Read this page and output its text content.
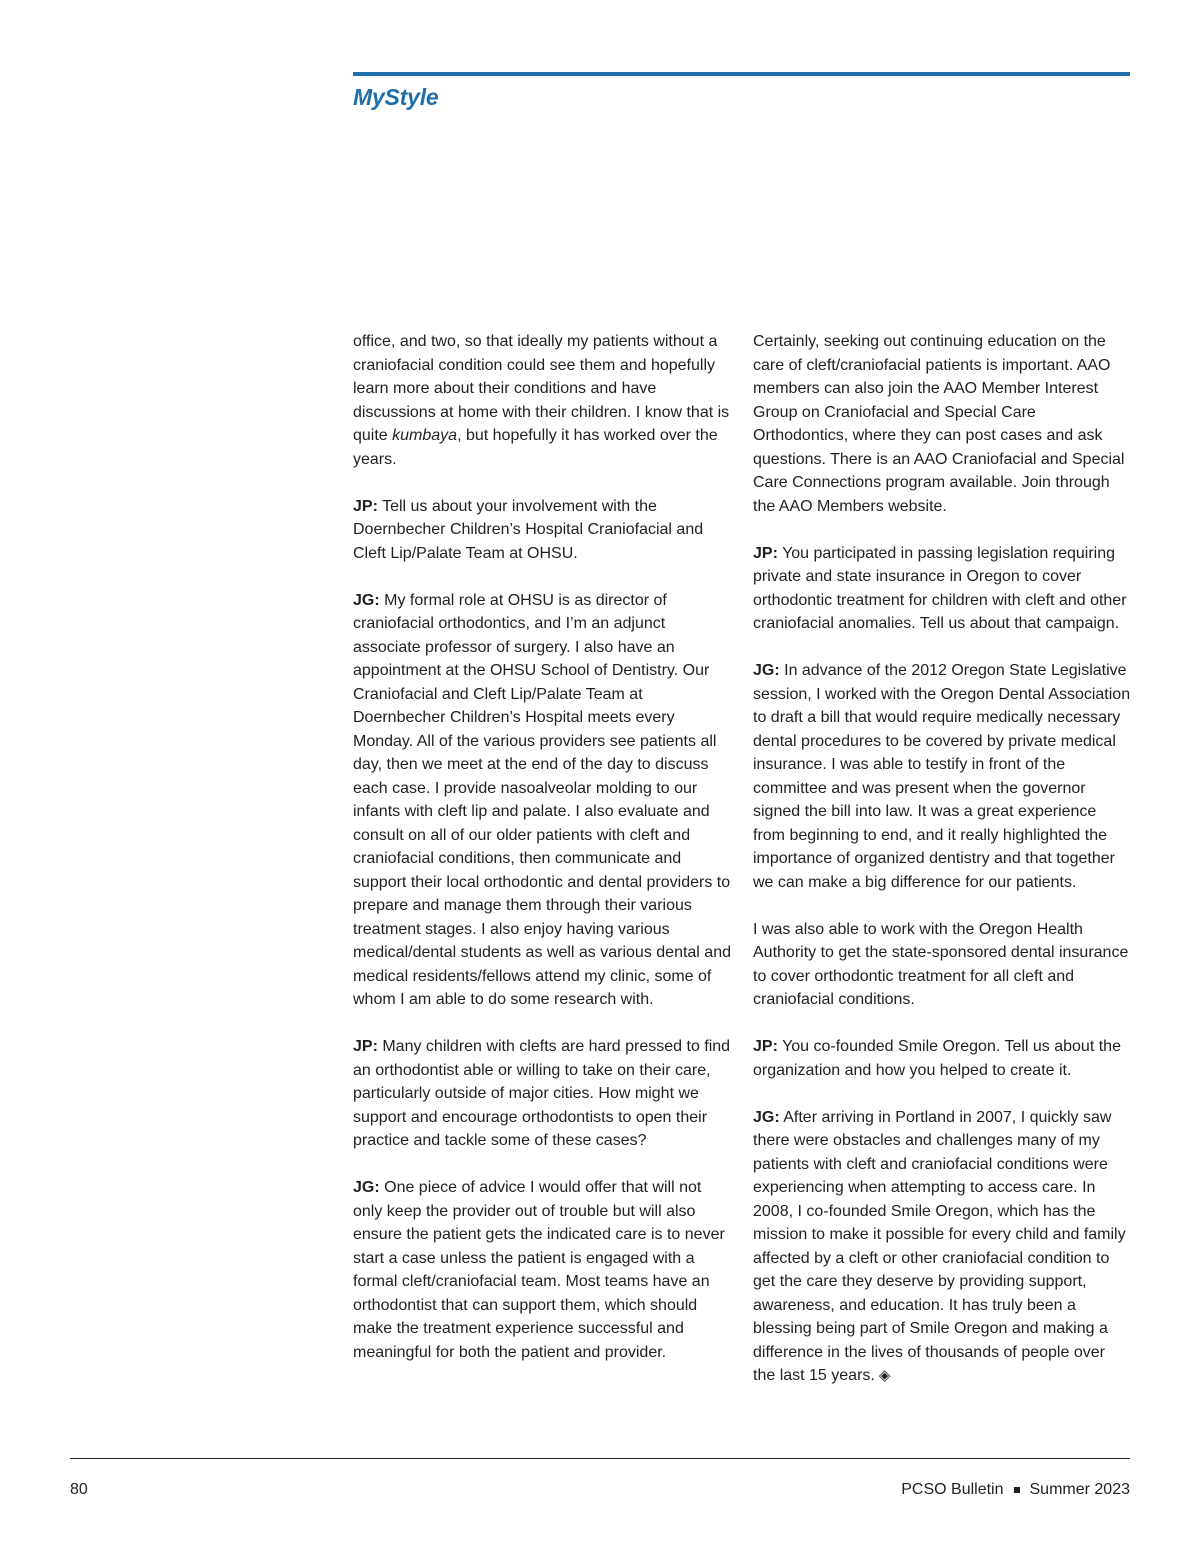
MyStyle

office, and two, so that ideally my patients without a craniofacial condition could see them and hopefully learn more about their conditions and have discussions at home with their children. I know that is quite kumbaya, but hopefully it has worked over the years.

JP: Tell us about your involvement with the Doernbecher Children’s Hospital Craniofacial and Cleft Lip/Palate Team at OHSU.

JG: My formal role at OHSU is as director of craniofacial orthodontics, and I’m an adjunct associate professor of surgery. I also have an appointment at the OHSU School of Dentistry. Our Craniofacial and Cleft Lip/Palate Team at Doernbecher Children’s Hospital meets every Monday. All of the various providers see patients all day, then we meet at the end of the day to discuss each case. I provide nasoalveolar molding to our infants with cleft lip and palate. I also evaluate and consult on all of our older patients with cleft and craniofacial conditions, then communicate and support their local orthodontic and dental providers to prepare and manage them through their various treatment stages. I also enjoy having various medical/dental students as well as various dental and medical residents/fellows attend my clinic, some of whom I am able to do some research with.

JP: Many children with clefts are hard pressed to find an orthodontist able or willing to take on their care, particularly outside of major cities. How might we support and encourage orthodontists to open their practice and tackle some of these cases?

JG: One piece of advice I would offer that will not only keep the provider out of trouble but will also ensure the patient gets the indicated care is to never start a case unless the patient is engaged with a formal cleft/craniofacial team. Most teams have an orthodontist that can support them, which should make the treatment experience successful and meaningful for both the patient and provider.

Certainly, seeking out continuing education on the care of cleft/craniofacial patients is important. AAO members can also join the AAO Member Interest Group on Craniofacial and Special Care Orthodontics, where they can post cases and ask questions. There is an AAO Craniofacial and Special Care Connections program available. Join through the AAO Members website.

JP: You participated in passing legislation requiring private and state insurance in Oregon to cover orthodontic treatment for children with cleft and other craniofacial anomalies. Tell us about that campaign.

JG: In advance of the 2012 Oregon State Legislative session, I worked with the Oregon Dental Association to draft a bill that would require medically necessary dental procedures to be covered by private medical insurance. I was able to testify in front of the committee and was present when the governor signed the bill into law. It was a great experience from beginning to end, and it really highlighted the importance of organized dentistry and that together we can make a big difference for our patients.

I was also able to work with the Oregon Health Authority to get the state-sponsored dental insurance to cover orthodontic treatment for all cleft and craniofacial conditions.

JP: You co-founded Smile Oregon. Tell us about the organization and how you helped to create it.

JG: After arriving in Portland in 2007, I quickly saw there were obstacles and challenges many of my patients with cleft and craniofacial conditions were experiencing when attempting to access care. In 2008, I co-founded Smile Oregon, which has the mission to make it possible for every child and family affected by a cleft or other craniofacial condition to get the care they deserve by providing support, awareness, and education. It has truly been a blessing being part of Smile Oregon and making a difference in the lives of thousands of people over the last 15 years. ◈

80	PCSO Bulletin Summer 2023
